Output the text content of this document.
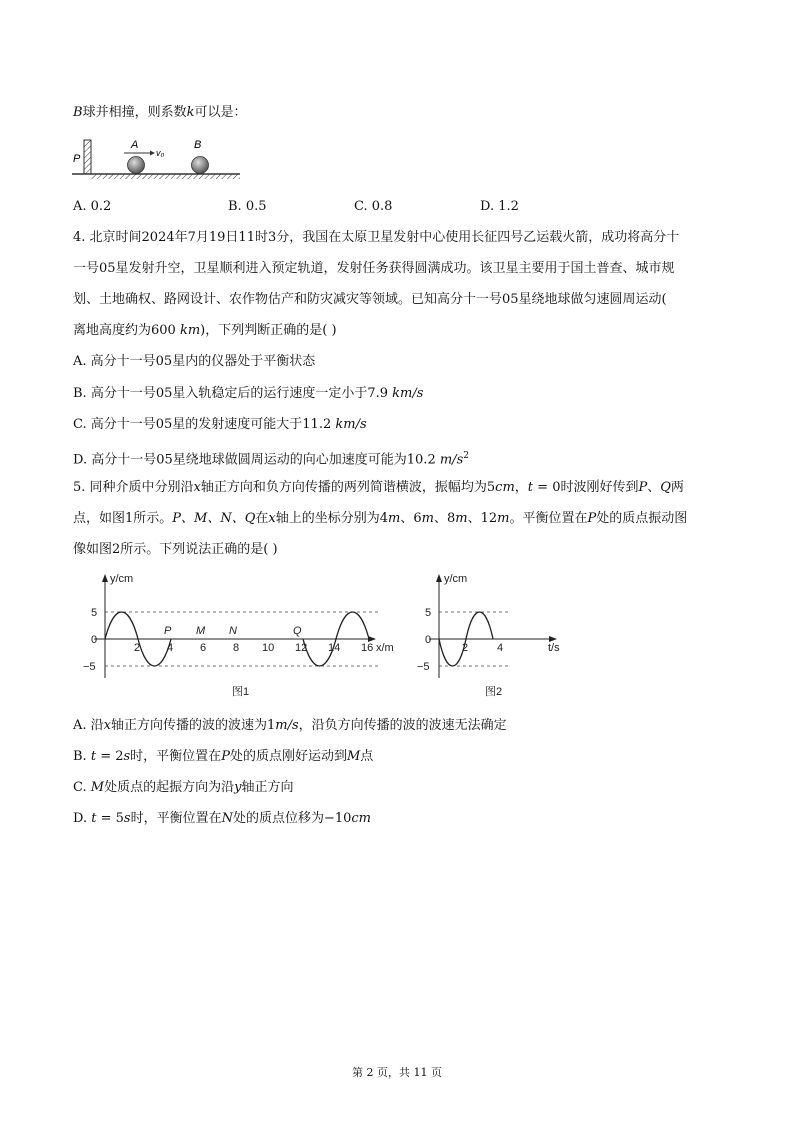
B球并相撞，则系数k可以是：
P
A	B
v₀
A. 0.2	B. 0.5	C. 0.8	D. 1.2
4. 北京时间2024年7月19日11时3分，我国在太原卫星发射中心使用长征四号乙运载火箭，成功将高分十
一号05星发射升空，卫星顺利进入预定轨道，发射任务获得圆满成功。该卫星主要用于国土普查、城市规
划、土地确权、路网设计、农作物估产和防灾减灾等领域。已知高分十一号05星绕地球做匀速圆周运动(
离地高度约为600 km)，下列判断正确的是( )
A. 高分十一号05星内的仪器处于平衡状态
B. 高分十一号05星入轨稳定后的运行速度一定小于7.9 km/s
C. 高分十一号05星的发射速度可能大于11.2 km/s
D. 高分十一号05星绕地球做圆周运动的向心加速度可能为10.2 $m/s^2$
5. 同种介质中分别沿x轴正方向和负方向传播的两列简谐横波，振幅均为5cm，t = 0时波刚好传到P、Q两
点，如图1所示。P、M、N、Q在x轴上的坐标分别为4m、6m、8m、12m。平衡位置在P处的质点振动图
像如图2所示。下列说法正确的是( )
y/cm
x/m
5
0
−5
2 4 6 8 10 12 14 16
P M N	Q
图1
y/cm
t/s
5
0
−5
2	4
图2
A. 沿x轴正方向传播的波的波速为1m/s，沿负方向传播的波的波速无法确定
B. t = 2s时，平衡位置在P处的质点刚好运动到M点
C. M处质点的起振方向为沿y轴正方向
D. t = 5s时，平衡位置在N处的质点位移为−10cm
第 2 页，共 11 页
